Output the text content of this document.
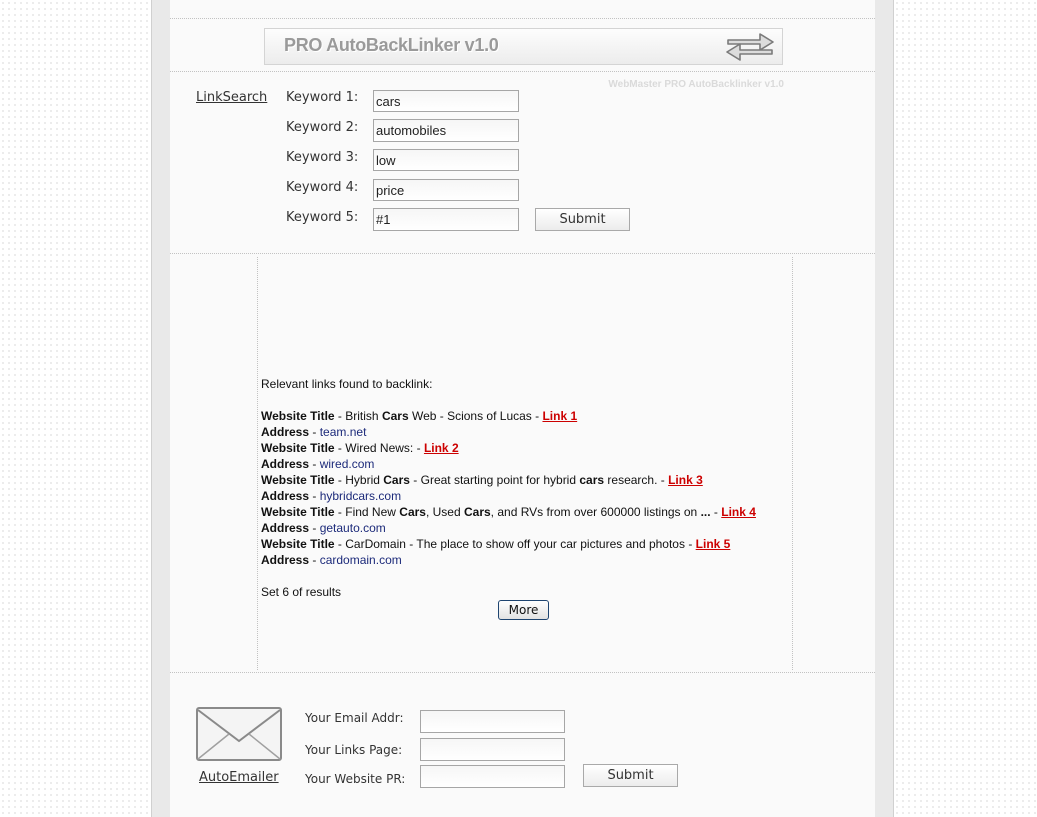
PRO AutoBackLinker v1.0
WebMaster PRO AutoBacklinker v1.0
LinkSearch Keyword 1:
cars
Keyword 2:
automobiles
Keyword 3:
low
Keyword 4:
price
Keyword 5:
#1	Submit
Relevant links found to backlink:
Website Title - British Cars Web - Scions of Lucas - Link 1
Address - team.net
Website Title - Wired News: - Link 2
Address - wired.com
Website Title - Hybrid Cars - Great starting point for hybrid cars research. - Link 3
Address - hybridcars.com
Website Title - Find New Cars, Used Cars, and RVs from over 600000 listings on ... - Link 4
Address - getauto.com
Website Title - CarDomain - The place to show off your car pictures and photos - Link 5
Address - cardomain.com
Set 6 of results
More
AutoEmailer
Your Email Addr:
Your Links Page:
Your Website PR:	Submit
